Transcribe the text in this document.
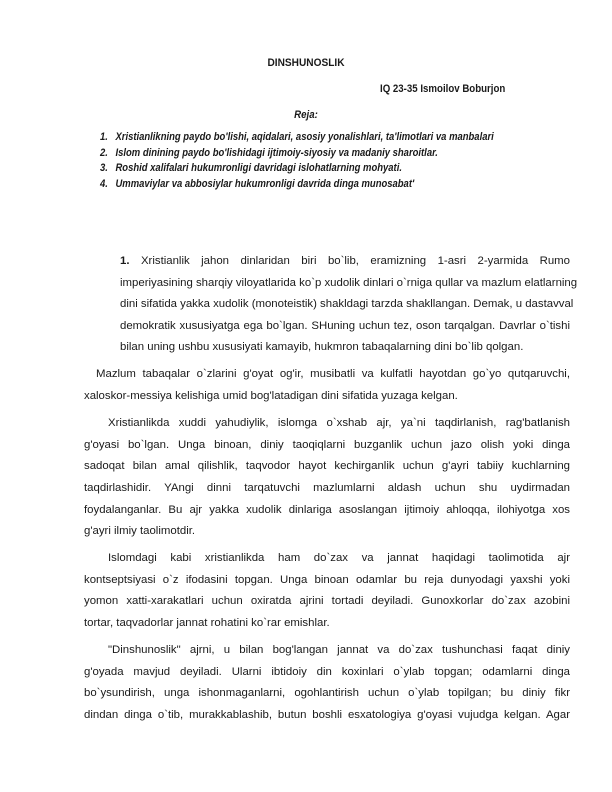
DINSHUNOSLIK
IQ 23-35 Ismoilov Boburjon
Reja:
1. Xristianlikning paydo bo'lishi, aqidalari, asosiy yonalishlari, ta'limotlari va manbalari
2. Islom dinining paydo bo'lishidagi ijtimoiy-siyosiy va madaniy sharoitlar.
3. Roshid xalifalari hukumronligi davridagi islohatlarning mohyati.
4. Ummaviylar va abbosiylar hukumronligi davrida dinga munosabat'

1. Xristianlik jahon dinlaridan biri bo`lib, eramizning 1-asri 2-yarmida Rumo
imperiyasining sharqiy viloyatlarida ko`p xudolik dinlari o`rniga qullar va mazlum elatlarning
dini sifatida yakka xudolik (monoteistik) shakldagi tarzda shakllangan. Demak, u dastavval
demokratik xususiyatga ega bo`lgan. SHuning uchun tez, oson tarqalgan. Davrlar o`tishi
bilan uning ushbu xususiyati kamayib, hukmron tabaqalarning dini bo`lib qolgan.

Mazlum tabaqalar o`zlarini g'oyat og'ir, musibatli va kulfatli hayotdan go`yo qutqaruvchi,
xaloskor-messiya kelishiga umid bog'latadigan dini sifatida yuzaga kelgan.

Xristianlikda xuddi yahudiylik, islomga o`xshab ajr, ya`ni taqdirlanish, rag'batlanish
g'oyasi bo`lgan. Unga binoan, diniy taoqiqlarni buzganlik uchun jazo olish yoki dinga
sadoqat bilan amal qilishlik, taqvodor hayot kechirganlik uchun g'ayri tabiiy kuchlarning
taqdirlashidir. YAngi dinni tarqatuvchi mazlumlarni aldash uchun shu uydirmadan
foydalanganlar. Bu ajr yakka xudolik dinlariga asoslangan ijtimoiy ahloqqa, ilohiyotga xos
g'ayri ilmiy taolimotdir.

Islomdagi kabi xristianlikda ham do`zax va jannat haqidagi taolimotida ajr
kontseptsiyasi o`z ifodasini topgan. Unga binoan odamlar bu reja dunyodagi yaxshi yoki
yomon xatti-xarakatlari uchun oxiratda ajrini tortadi deyiladi. Gunoxkorlar do`zax azobini
tortar, taqvadorlar jannat rohatini ko`rar emishlar.

"Dinshunoslik" ajrni, u bilan bog'langan jannat va do`zax tushunchasi faqat diniy
g'oyada mavjud deyiladi. Ularni ibtidoiy din koxinlari o`ylab topgan; odamlarni dinga
bo`ysundirish, unga ishonmaganlarni, ogohlantirish uchun o`ylab topilgan; bu diniy fikr
dindan dinga o`tib, murakkablashib, butun boshli esxatologiya g'oyasi vujudga kelgan. Agar
